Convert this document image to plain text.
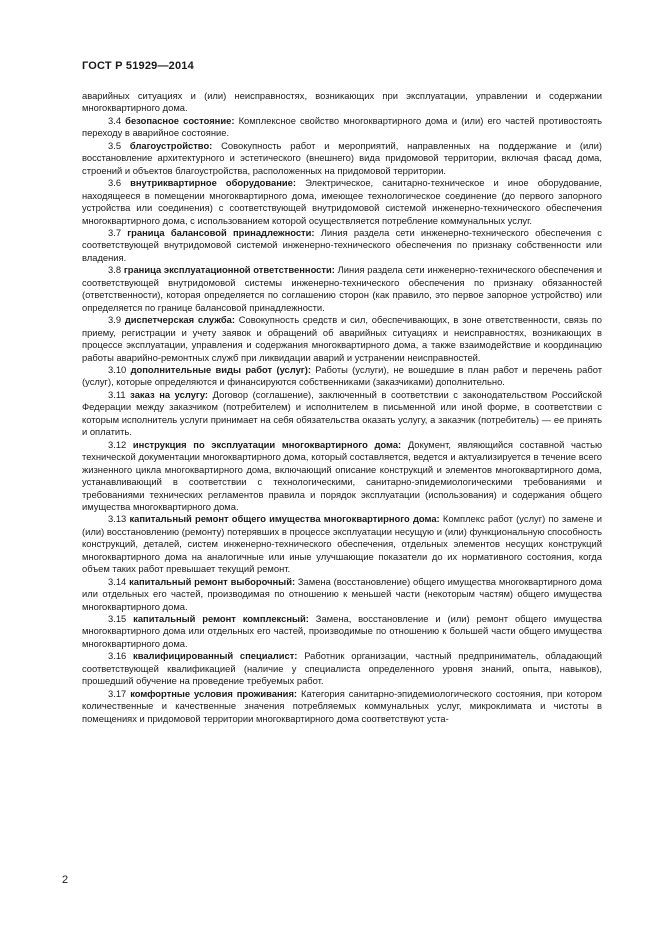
ГОСТ Р 51929—2014

аварийных ситуациях и (или) неисправностях, возникающих при эксплуатации, управлении и содержании многоквартирного дома.

3.4 безопасное состояние: Комплексное свойство многоквартирного дома и (или) его частей противостоять переходу в аварийное состояние.

3.5 благоустройство: Совокупность работ и мероприятий, направленных на поддержание и (или) восстановление архитектурного и эстетического (внешнего) вида придомовой территории, включая фасад дома, строений и объектов благоустройства, расположенных на придомовой территории.

3.6 внутриквартирное оборудование: Электрическое, санитарно-техническое и иное оборудование, находящееся в помещении многоквартирного дома, имеющее технологическое соединение (до первого запорного устройства или соединения) с соответствующей внутридомовой системой инженерно-технического обеспечения многоквартирного дома, с использованием которой осуществляется потребление коммунальных услуг.

3.7 граница балансовой принадлежности: Линия раздела сети инженерно-технического обеспечения с соответствующей внутридомовой системой инженерно-технического обеспечения по признаку собственности или владения.

3.8 граница эксплуатационной ответственности: Линия раздела сети инженерно-технического обеспечения и соответствующей внутридомовой системы инженерно-технического обеспечения по признаку обязанностей (ответственности), которая определяется по соглашению сторон (как правило, это первое запорное устройство) или определяется по границе балансовой принадлежности.

3.9 диспетчерская служба: Совокупность средств и сил, обеспечивающих, в зоне ответственности, связь по приему, регистрации и учету заявок и обращений об аварийных ситуациях и неисправностях, возникающих в процессе эксплуатации, управления и содержания многоквартирного дома, а также взаимодействие и координацию работы аварийно-ремонтных служб при ликвидации аварий и устранении неисправностей.

3.10 дополнительные виды работ (услуг): Работы (услуги), не вошедшие в план работ и перечень работ (услуг), которые определяются и финансируются собственниками (заказчиками) дополнительно.

3.11 заказ на услугу: Договор (соглашение), заключенный в соответствии с законодательством Российской Федерации между заказчиком (потребителем) и исполнителем в письменной или иной форме, в соответствии с которым исполнитель услуги принимает на себя обязательства оказать услугу, а заказчик (потребитель) — ее принять и оплатить.

3.12 инструкция по эксплуатации многоквартирного дома: Документ, являющийся составной частью технической документации многоквартирного дома, который составляется, ведется и актуализируется в течение всего жизненного цикла многоквартирного дома, включающий описание конструкций и элементов многоквартирного дома, устанавливающий в соответствии с технологическими, санитарно-эпидемиологическими требованиями и требованиями технических регламентов правила и порядок эксплуатации (использования) и содержания общего имущества многоквартирного дома.

3.13 капитальный ремонт общего имущества многоквартирного дома: Комплекс работ (услуг) по замене и (или) восстановлению (ремонту) потерявших в процессе эксплуатации несущую и (или) функциональную способность конструкций, деталей, систем инженерно-технического обеспечения, отдельных элементов несущих конструкций многоквартирного дома на аналогичные или иные улучшающие показатели до их нормативного состояния, когда объем таких работ превышает текущий ремонт.

3.14 капитальный ремонт выборочный: Замена (восстановление) общего имущества многоквартирного дома или отдельных его частей, производимая по отношению к меньшей части (некоторым частям) общего имущества многоквартирного дома.

3.15 капитальный ремонт комплексный: Замена, восстановление и (или) ремонт общего имущества многоквартирного дома или отдельных его частей, производимые по отношению к большей части общего имущества многоквартирного дома.

3.16 квалифицированный специалист: Работник организации, частный предприниматель, обладающий соответствующей квалификацией (наличие у специалиста определенного уровня знаний, опыта, навыков), прошедший обучение на проведение требуемых работ.

3.17 комфортные условия проживания: Категория санитарно-эпидемиологического состояния, при котором количественные и качественные значения потребляемых коммунальных услуг, микроклимата и чистоты в помещениях и придомовой территории многоквартирного дома соответствуют уста-

2
